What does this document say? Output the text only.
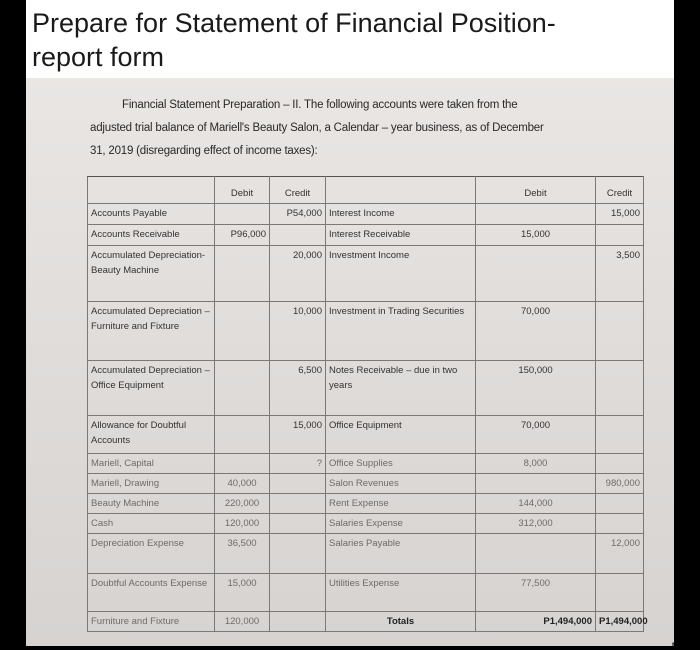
Prepare for Statement of Financial Position-
report form
Financial Statement Preparation – II. The following accounts were taken from the
adjusted trial balance of Mariell's Beauty Salon, a Calendar – year business, as of December
31, 2019 (disregarding effect of income taxes):
	Debit	Credit		Debit	Credit
Accounts Payable		P54,000	Interest Income		15,000
Accounts Receivable	P96,000		Interest Receivable	15,000	
Accumulated Depreciation- Beauty Machine		20,000	Investment Income		3,500
Accumulated Depreciation – Furniture and Fixture		10,000	Investment in Trading Securities	70,000	
Accumulated Depreciation – Office Equipment		6,500	Notes Receivable – due in two years	150,000	
Allowance for Doubtful Accounts		15,000	Office Equipment	70,000	
Mariell, Capital		?	Office Supplies	8,000	
Mariell, Drawing	40,000		Salon Revenues		980,000
Beauty Machine	220,000		Rent Expense	144,000	
Cash	120,000		Salaries Expense	312,000	
Depreciation Expense	36,500		Salaries Payable		12,000
Doubtful Accounts Expense	15,000		Utilities Expense	77,500	
Furniture and Fixture	120,000		Totals	P1,494,000	P1,494,000
